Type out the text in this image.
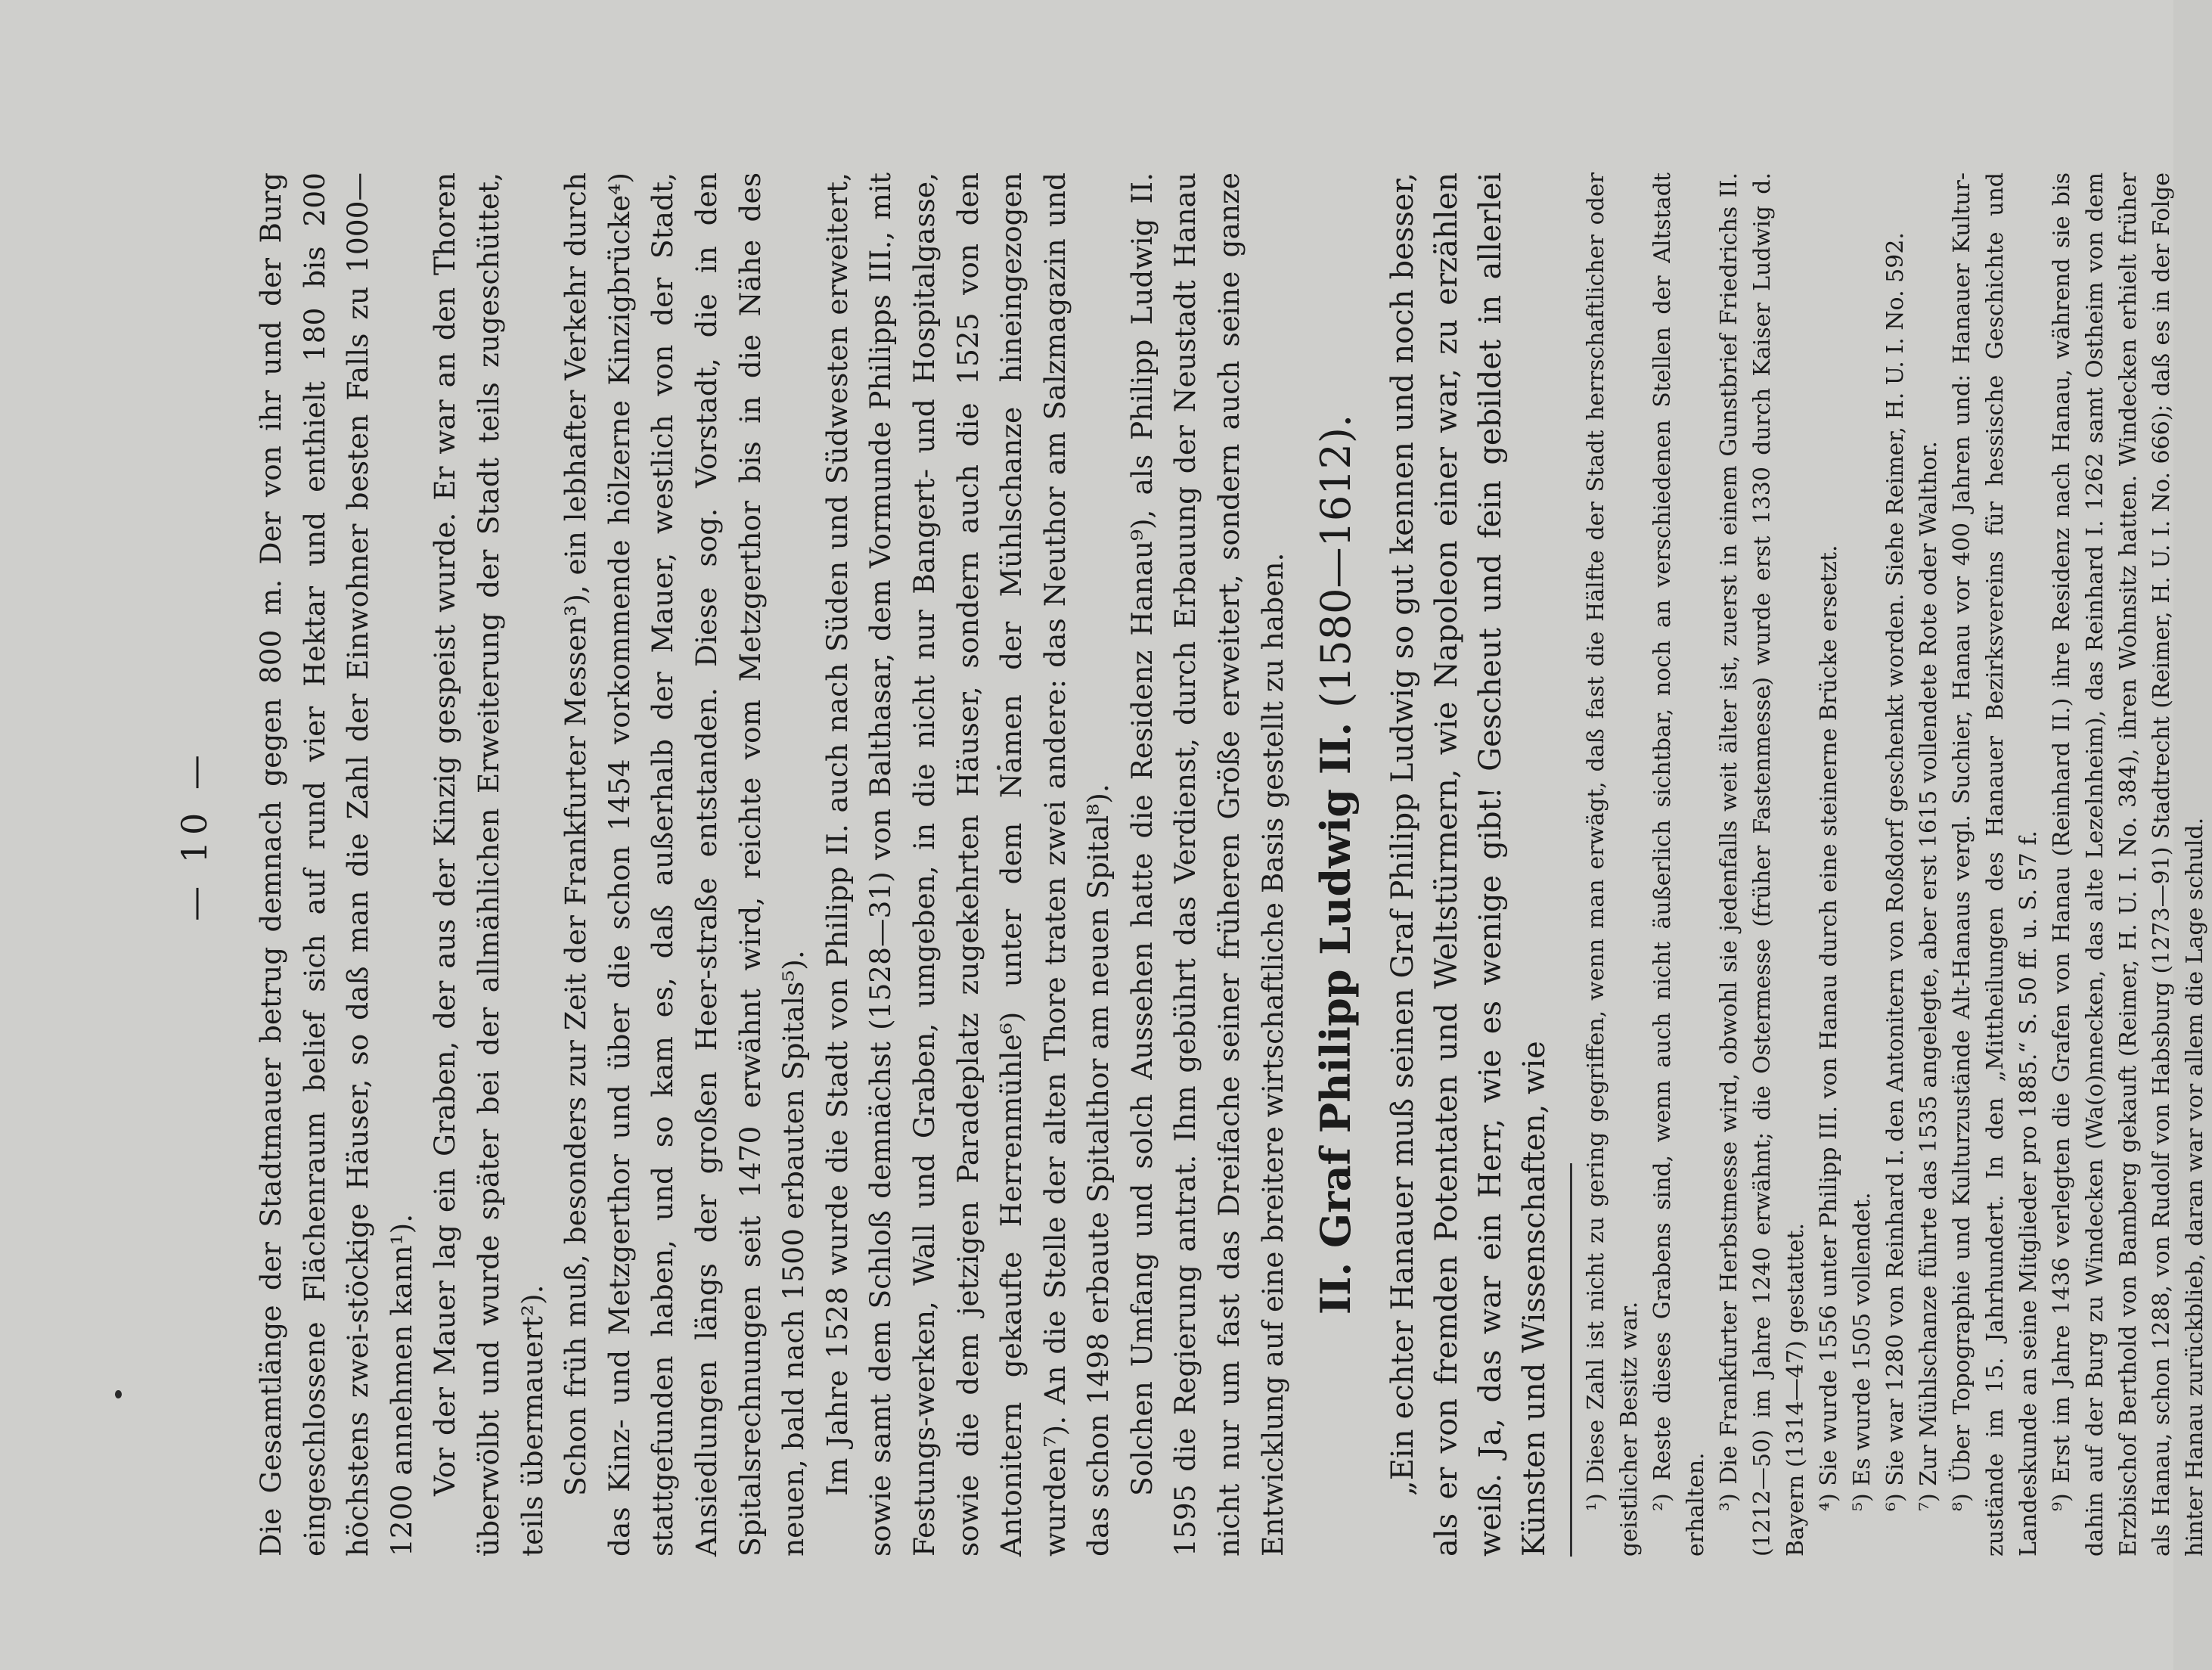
— 10 — Die Gesamtlänge der Stadtmauer betrug demnach gegen 800 m. Der von ihr und der Burg eingeschlossene Flächenraum belief sich auf rund vier Hektar und enthielt 180 bis 200 höchstens zwei-stöckige Häuser, so daß man die Zahl der Einwohner besten Falls zu 1000—1200 annehmen kann¹). Vor der Mauer lag ein Graben, der aus der Kinzig gespeist wurde. Er war an den Thoren überwölbt und wurde später bei der allmählichen Erweiterung der Stadt teils zugeschüttet, teils übermauert²). Schon früh muß, besonders zur Zeit der Frankfurter Messen³), ein lebhafter Verkehr durch das Kinz- und Metzgerthor und über die schon 1454 vorkommende hölzerne Kinzigbrücke⁴) stattgefunden haben, und so kam es, daß außerhalb der Mauer, westlich von der Stadt, Ansiedlungen längs der großen Heer-straße entstanden. Diese sog. Vorstadt, die in den Spitalsrechnungen seit 1470 erwähnt wird, reichte vom Metzgerthor bis in die Nähe des neuen, bald nach 1500 erbauten Spitals⁵). Im Jahre 1528 wurde die Stadt von Philipp II. auch nach Süden und Südwesten erweitert, sowie samt dem Schloß demnächst (1528—31) von Balthasar, dem Vormunde Philipps III., mit Festungs-werken, Wall und Graben, umgeben, in die nicht nur Bangert- und Hospitalgasse, sowie die dem jetzigen Paradeplatz zugekehrten Häuser, sondern auch die 1525 von den Antonitern gekaufte Herrenmühle⁶) unter dem Namen der Mühlschanze hineingezogen wurden⁷). An die Stelle der alten Thore traten zwei andere: das Neuthor am Salzmagazin und das schon 1498 erbaute Spitalthor am neuen Spital⁸). Solchen Umfang und solch Aussehen hatte die Residenz Hanau⁹), als Philipp Ludwig II. 1595 die Regierung antrat. Ihm gebührt das Verdienst, durch Erbauung der Neustadt Hanau nicht nur um fast das Dreifache seiner früheren Größe erweitert, sondern auch seine ganze Entwicklung auf eine breitere wirtschaftliche Basis gestellt zu haben. II. Graf Philipp Ludwig II. (1580—1612). „Ein echter Hanauer muß seinen Graf Philipp Ludwig so gut kennen und noch besser, als er von fremden Potentaten und Weltstürmern, wie Napoleon einer war, zu erzählen weiß. Ja, das war ein Herr, wie es wenige gibt! Gescheut und fein gebildet in allerlei Künsten und Wissenschaften, wie ¹) Diese Zahl ist nicht zu gering gegriffen, wenn man erwägt, daß fast die Hälfte der Stadt herrschaftlicher oder geistlicher Besitz war. ²) Reste dieses Grabens sind, wenn auch nicht äußerlich sichtbar, noch an verschiedenen Stellen der Altstadt erhalten. ³) Die Frankfurter Herbstmesse wird, obwohl sie jedenfalls weit älter ist, zuerst in einem Gunstbrief Friedrichs II. (1212—50) im Jahre 1240 erwähnt; die Ostermesse (früher Fastenmesse) wurde erst 1330 durch Kaiser Ludwig d. Bayern (1314—47) gestattet. ⁴) Sie wurde 1556 unter Philipp III. von Hanau durch eine steinerne Brücke ersetzt. ⁵) Es wurde 1505 vollendet. ⁶) Sie war 1280 von Reinhard I. den Antonitern von Roßdorf geschenkt worden. Siehe Reimer, H. U. I. No. 592. ⁷) Zur Mühlschanze führte das 1535 angelegte, aber erst 1615 vollendete Rote oder Walthor. ⁸) Über Topographie und Kulturzustände Alt-Hanaus vergl. Suchier, Hanau vor 400 Jahren und: Hanauer Kultur-zustände im 15. Jahrhundert. In den „Mittheilungen des Hanauer Bezirksvereins für hessische Geschichte und Landeskunde an seine Mitglieder pro 1885.“ S. 50 ff. u. S. 57 f. ⁹) Erst im Jahre 1436 verlegten die Grafen von Hanau (Reinhard II.) ihre Residenz nach Hanau, während sie bis dahin auf der Burg zu Windecken (Wa(o)nnecken, das alte Lezelnheim), das Reinhard I. 1262 samt Ostheim von dem Erzbischof Berthold von Bamberg gekauft (Reimer, H. U. I. No. 384), ihren Wohnsitz hatten. Windecken erhielt früher als Hanau, schon 1288, von Rudolf von Habsburg (1273—91) Stadtrecht (Reimer, H. U. I. No. 666); daß es in der Folge hinter Hanau zurückblieb, daran war vor allem die Lage schuld.
